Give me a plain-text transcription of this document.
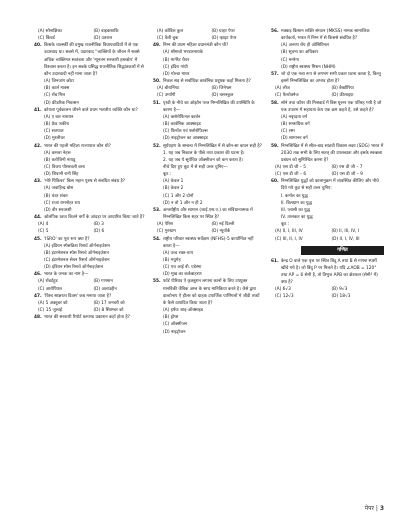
(A) सोनाक्षिका	(B) बाइकशाकि
(C) किंवर्ड	(D) उतराल
40. किसके चार्ल्स्की की प्रमुख राजनीतिक विधायवादियों में से एक उदारवाद था। सबसे में, उदारवाद ''व्यक्तियों के जीवन में सबसे अधिक व्यक्तिगत स्वतंत्रता और 'न्यूनतम सरकारी हस्तक्षेप' में विश्वास करता है। इन सबके प्रसिद्ध राजनीतिक सिद्धांतकारों में से कौन उदारवादी नहीं माना जाता है?
(A) जिनजांग छोटा
(B) कार्ल माक्स
(C) रॉब मिल
(D) फ्रीडरिक नियत्सन
41. कोयला पूर्वकालन जीरने वाले प्रथम भारतीय व्यक्ति कौन था?
(A) ए बार नारायन
(B) फ्रेड जकीरा
(C) सतपाल
(D) मुरलीधर
42. भारत की पहली महिला राज्यपाल कौन थी?
(A) कमला नेहरू
(B) करोजिनी नायडू
(C) विजय पीसरवली बत्ता
(D) शिवानी रानी सिंह
43. 'मोरे पिकिवर' किस महान पुरुष से संबधित संबंध है?
(A) जवाहिन्द्र बोस
(B) चंदर शंकर
(C) राजा रामनोहर राय
(D) वीर सरवरशी
44. ओलंपिक ध्वज कितने वर्गों के आंदड़ा पर आधारित किया जाते है?
(A) 4	(B) 3
(C) 5	(D) 6
45. 'ISRO' का पूरा रूप क्या है?
(A) इंडियन स्पेसक्रिश रिसर्च ऑर्गनाइजेशन
(B) इंटरनेशनल स्पेस रिसर्च ऑर्गनाइज़ेशन
(C) इंटरनेशनल सेवन रिसर्च ऑर्गनाइज़ेशन
(D) इंडियन स्पेस रिसर्च ऑर्गनाइज़ेशन
46. भारत के जनक का नाम है—
(A) रॉबर्टहूड	(B) गणमान
(C) आरोपियल	(D) अलाउद्दीन
47. 'विश्व साक्षरता दिवस' कब मनाया जाता है?
(A) 5 अक्टूबर को	(B) 17 जनवरी को
(C) 15 जुलाई	(D) 8 सितम्बर को
48. भारत की सरकारी रिपोर्ट कमाण्ड प्रकाशन कहाँ होता है?
(A) कॉबिल कुल	(B) ग्राहर पेपर
(C) वैली बुक	(D) व्हाइट पेपर
49. निम्न की प्रथम महिला प्रधानमंत्री कौन थी?
(A) श्रीमावो भण्डारनायके
(B) मार्गरेट थैचर
(C) इंदिरा गांधी
(D) गोल्डा मायर
50. निकल सड़ से सर्वाधिक कार्बनिक प्रदूषक कहाँ मिलता है?
(A) बीरानिंगट	(B) जिनेभ्रम
(C) उर्ग्यागी	(D) वसनकुल
51. पृथ्वी के नीचे का ओझोन परत निम्नलिखित की उपस्थिति के कारण है—
(A) क्लोरोफिनल कार्बन
(B) कार्बनिक आक्साइड
(C) फिनॉल एवं फ्लोरोफिल्स
(D) नाइट्रोजन का आक्साइड
52. सूर्यग्रहण के सम्बन्ध में निम्नलिखित में से कौन-सा कथन सही है?
1. यह जब निकाल के पीछे तथा प्रकाश की घटना है।
2. यह जब ये सूर्यचित्र ऑक्सीजन को कम करता है।
नीचे दिए हुए कूट में से सही उत्तर चुनिए—
कूट :
(A) केवल 1
(B) केवल 2
(C) 1 और 2 दोनों
(D) न तो 1 और न ही 2
53. अन्तर्राष्ट्रीय और सामान (जाई.एस.ए.) का संविधानात्मक में निम्नलिखित किस शहर पर स्थित है?
(A) पेरिस	(B) नई दिल्ली
(C) गुरुग्राम	(D) न्यूयॉर्क
54. राष्ट्रीय परिवार स्वास्थ्य सर्वेक्षण (NFHS)-5 कार्यान्वित नहीं करता है—
(A) उच्च रक्त-चाप
(B) मधुमेह
(C) एच आई वी. एडेस्मा
(D) मुख का कर्कबाहरण
55. फॉर्ड पीरियड ऐ कृतबुरान लगाना कानों के लिए उपयुक्त मानविकी जैविक अम्ल के साथ मानिकिया करते है। जैसे द्वारा डाल्टोनाप ऐ हीलर को ग्राहक उपार्जिक पाणिंगलों मे जीडी तथ्यों के कैसे उत्पादित किया जाता है?
(A) हर्षज जाइ-ऑक्साइड
(B) ड्रोप्स
(C) ऑक्सीजन
(D) नाइट्रोजन
56. मक्कड़ किसान शक्ति संगठन (MKSS) नामक सामाजिक कार्यकर्ता, भारत में निम्न में से किससे संबंधित है?
(A) अरुणा रॉय ही ओसियिनल
(B) सूचना का अधिकार
(C) मनरेगा
(D) राष्ट्रीय स्वास्थ्य मिशन (NHM)
57. जो दो एक नव्य रूप से लगभग सभी प्रकार घटना करता है, किन्तु इसमें निम्नलिखित का अभाव होता है?
(A) लीज	(B) बैक्टीरिया
(C) फैन्टोक्नेज	(D) फ्रीलाइफ़
58. सोने तथा कॉपर की मिश्रवार्ड में बिस यूरनर एक पतिरह गयी है जो एक उपारम में सहायता केय एक क्रम कहते है, उसे कहते है?
(A) नवृध्दता वर्ग
(B) सन्ताधिक वर्ग
(C) रस्म
(D) सामानन वर्ग
59. निम्नलिखित में से सील-बाद साठवी विकास लक्ष्य (SDG) भारत में 2030 तक सभी के लिए सतत् की उपलब्धता और इसके स्वच्छता प्रबंधन को सुनिश्चित करना है?
(A) एस डी जी – 5	(B) एस डी जी – 7
(C) एस डी जी – 6	(D) एस डी जी – 9
60. निम्नलिखित युद्धों को कालानुक्रम में व्यवस्थित कीजिए और नीचे दिये गये कूट से सही उत्तर चुनिए:
I. कर्नाल का युद्ध
II. बिलग्राम का युद्ध
III. प्लासी का युद्ध
IV. तालकत का युद्ध
कूट :
(A) II, I, III, IV	(B) II, III, IV, I
(C) III, II, I, IV	(D) II, I, IV, III
गणित
61. केन्द्र O वाले एक वृत्त पर स्थित बिंदु A तथा B से गणना स्पर्शी खींचे गये है। जो बिंदु P पर मिलते है। यदि ∠AOB = 120° तथा AP = 6 सेमी है, तो त्रिभुज APB का क्षेत्रफल (सेमी² में) क्या है?
(A) 6√3	(B) 9√3
(C) 12√3	(D) 18√3
पेपर | 3
